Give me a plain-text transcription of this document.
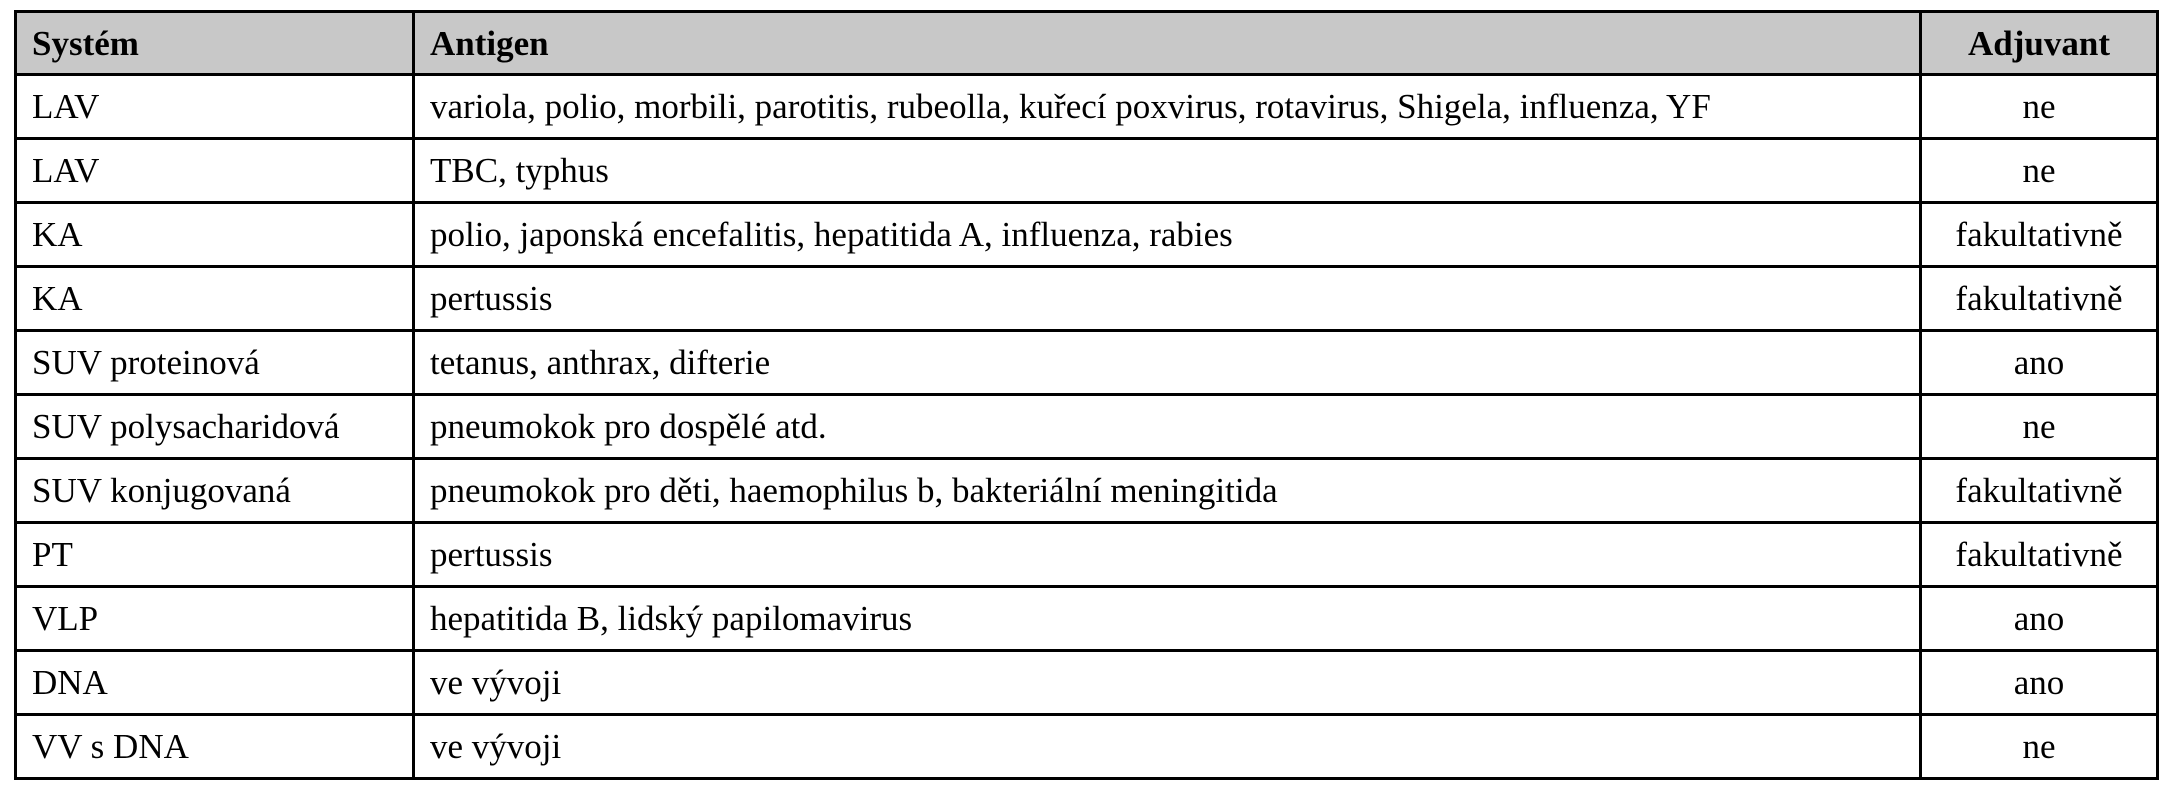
Systém	Antigen	Adjuvant
LAV	variola, polio, morbili, parotitis, rubeolla, kuřecí poxvirus, rotavirus, Shigela, influenza, YF	ne
LAV	TBC, typhus	ne
KA	polio, japonská encefalitis, hepatitida A, influenza, rabies	fakultativně
KA	pertussis	fakultativně
SUV proteinová	tetanus, anthrax, difterie	ano
SUV polysacharidová	pneumokok pro dospělé atd.	ne
SUV konjugovaná	pneumokok pro děti, haemophilus b, bakteriální meningitida	fakultativně
PT	pertussis	fakultativně
VLP	hepatitida B, lidský papilomavirus	ano
DNA	ve vývoji	ano
VV s DNA	ve vývoji	ne
